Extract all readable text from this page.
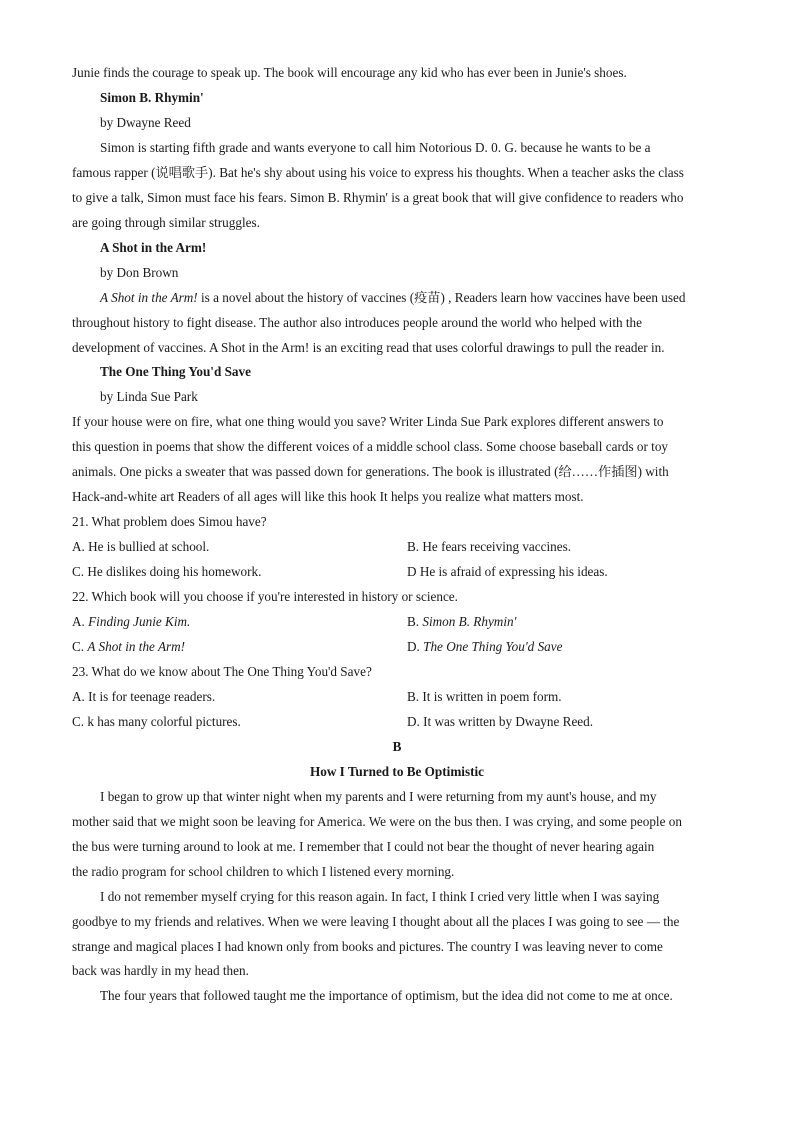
Junie finds the courage to speak up. The book will encourage any kid who has ever been in Junie's shoes.
Simon B. Rhymin'
by Dwayne Reed
Simon is starting fifth grade and wants everyone to call him Notorious D. 0. G. because he wants to be a
famous rapper (说唱歌手). Bat he's shy about using his voice to express his thoughts. When a teacher asks the class
to give a talk, Simon must face his fears. Simon B. Rhymin' is a great book that will give confidence to readers who
are going through similar struggles.
A Shot in the Arm!
by Don Brown
A Shot in the Arm! is a novel about the history of vaccines (疫苗) , Readers learn how vaccines have been used
throughout history to fight disease. The author also introduces people around the world who helped with the
development of vaccines. A Shot in the Arm! is an exciting read that uses colorful drawings to pull the reader in.
The One Thing You'd Save
by Linda Sue Park
If your house were on fire, what one thing would you save? Writer Linda Sue Park explores different answers to
this question in poems that show the different voices of a middle school class. Some choose baseball cards or toy
animals. One picks a sweater that was passed down for generations. The book is illustrated (给……作插图) with
Hack-and-white art Readers of all ages will like this hook It helps you realize what matters most.
21. What problem does Simou have?
A. He is bullied at school.	B. He fears receiving vaccines.
C. He dislikes doing his homework.	D He is afraid of expressing his ideas.
22. Which book will you choose if you're interested in history or science.
A. Finding Junie Kim.	B. Simon B. Rhymin'
C. A Shot in the Arm!	D. The One Thing You'd Save
23. What do we know about The One Thing You'd Save?
A. It is for teenage readers.	B. It is written in poem form.
C. k has many colorful pictures.	D. It was written by Dwayne Reed.
B
How I Turned to Be Optimistic
I began to grow up that winter night when my parents and I were returning from my aunt's house, and my
mother said that we might soon be leaving for America. We were on the bus then. I was crying, and some people on
the bus were turning around to look at me. I remember that I could not bear the thought of never hearing again
the radio program for school children to which I listened every morning.
I do not remember myself crying for this reason again. In fact, I think I cried very little when I was saying
goodbye to my friends and relatives. When we were leaving I thought about all the places I was going to see — the
strange and magical places I had known only from books and pictures. The country I was leaving never to come
back was hardly in my head then.
The four years that followed taught me the importance of optimism, but the idea did not come to me at once.
